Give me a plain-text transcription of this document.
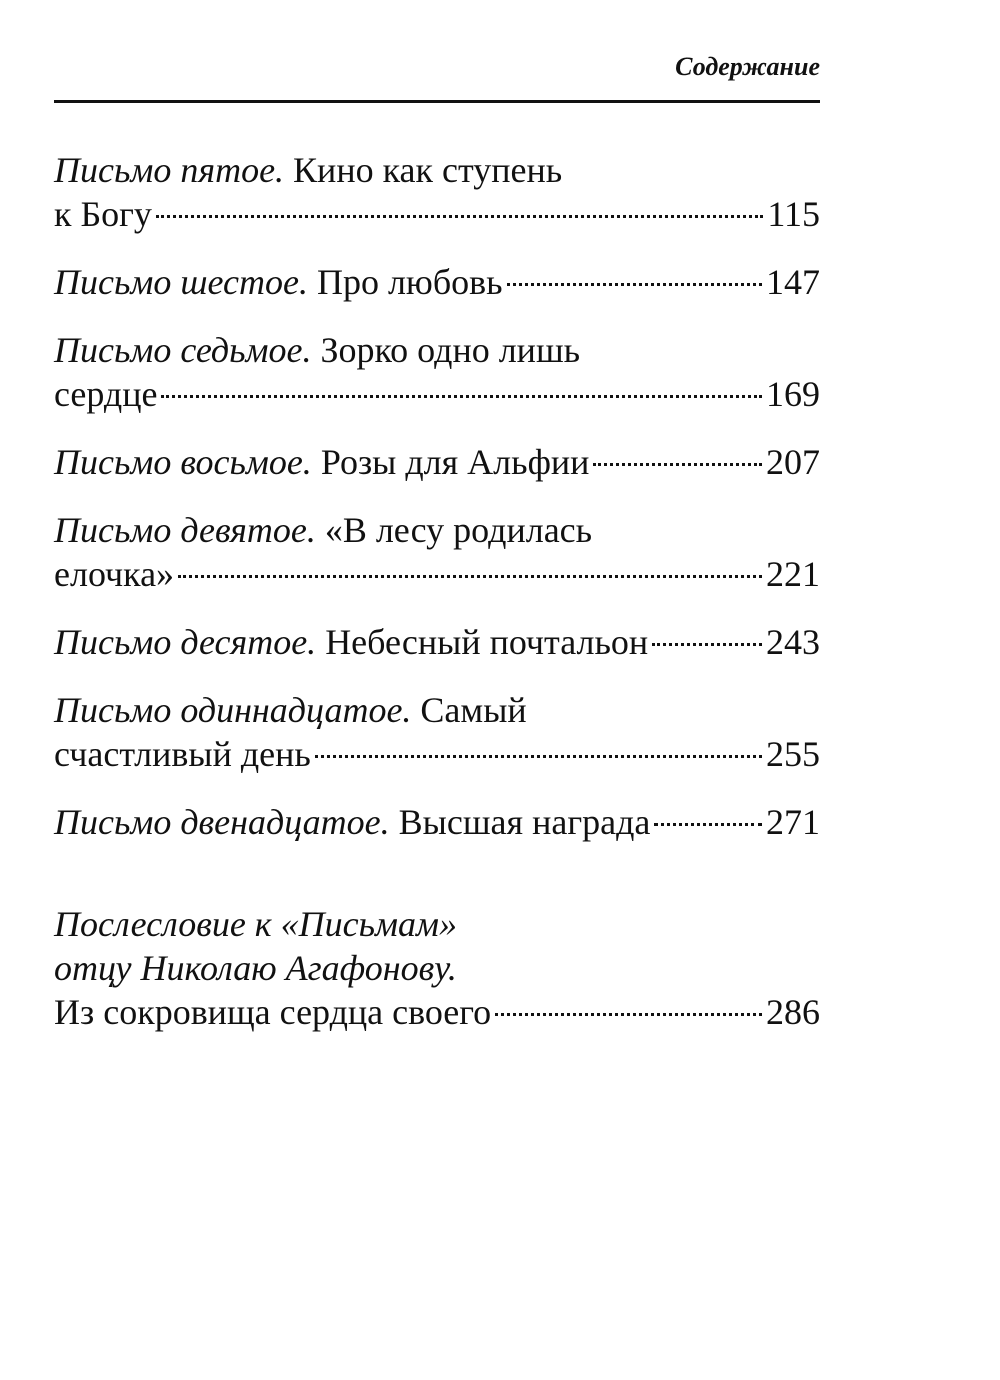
Содержание
Письмо пятое. Кино как ступень
к Богу	115
Письмо шестое. Про любовь	147
Письмо седьмое. Зорко одно лишь
сердце	169
Письмо восьмое. Розы для Альфии	207
Письмо девятое. «В лесу родилась
елочка»	221
Письмо десятое. Небесный почтальон	243
Письмо одиннадцатое. Самый
счастливый день	255
Письмо двенадцатое. Высшая награда	271
Послесловие к «Письмам»
отцу Николаю Агафонову.
Из сокровища сердца своего	286
